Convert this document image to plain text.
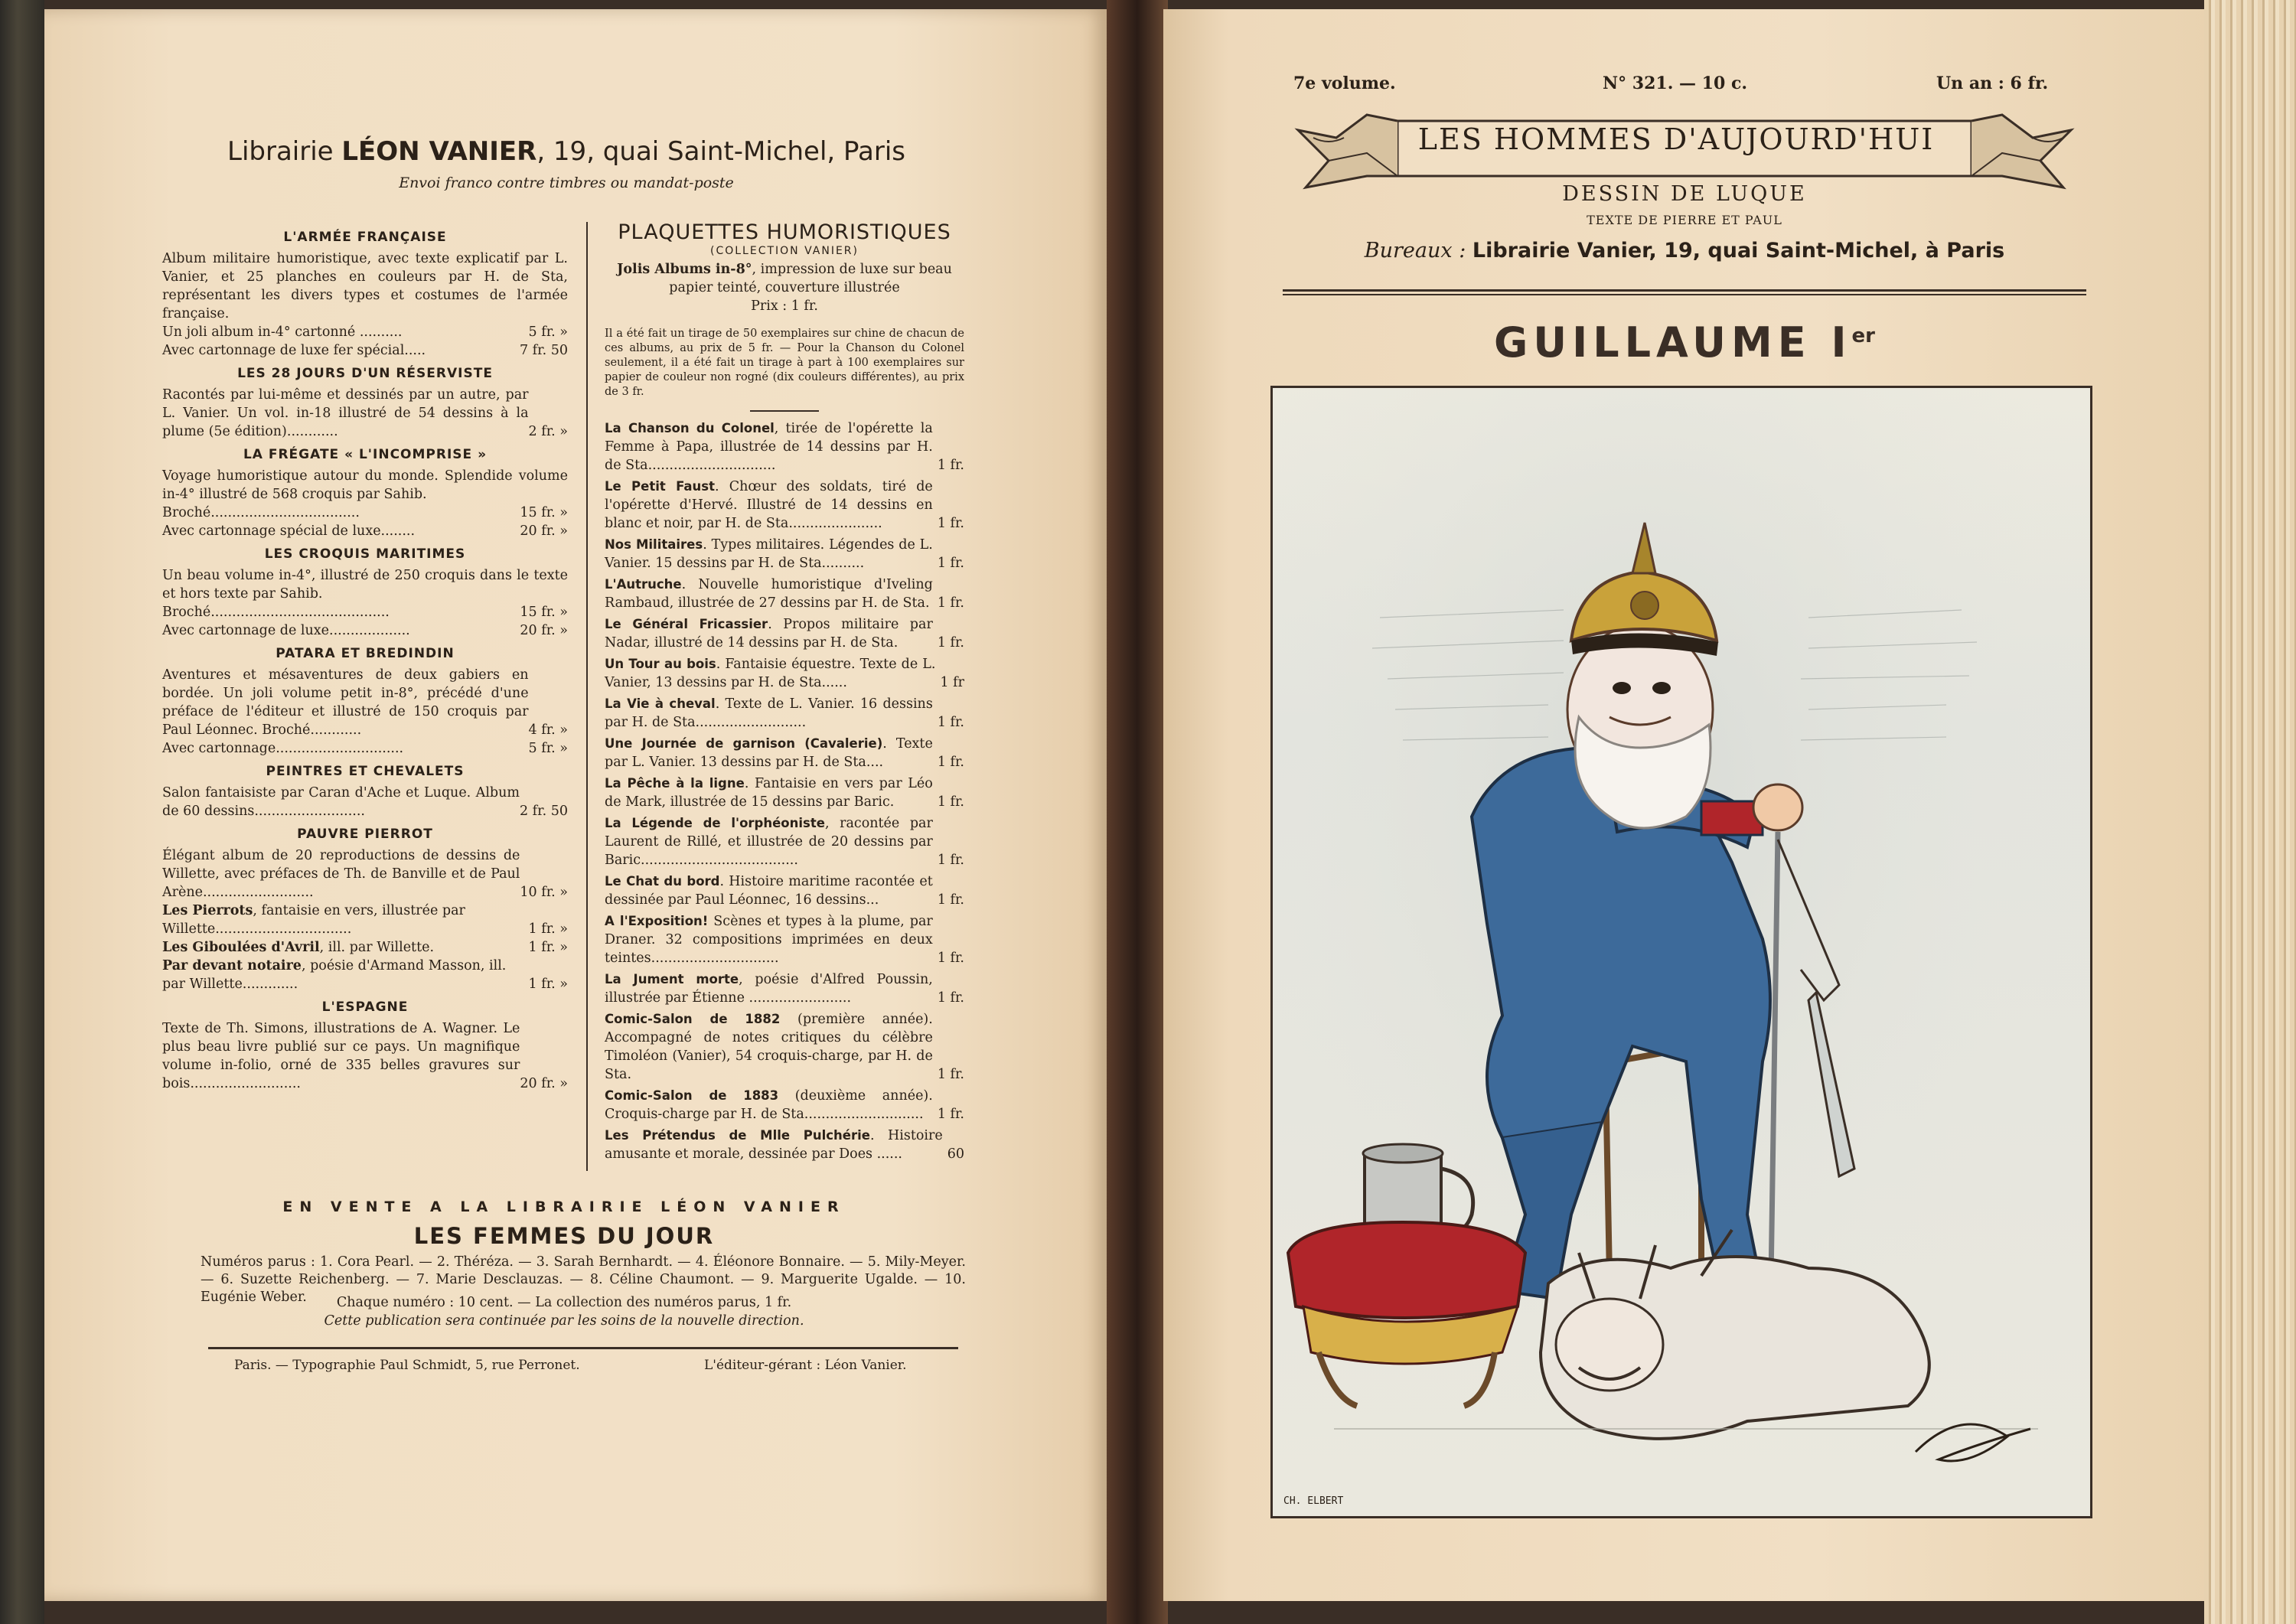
Librairie LÉON VANIER, 19, quai Saint-Michel, Paris
Envoi franco contre timbres ou mandat-poste
L'ARMÉE FRANÇAISE

Album militaire humoristique, avec texte explicatif par L. Vanier, et 25 planches en couleurs par H. de Sta, représentant les divers types et costumes de l'armée française.

Un joli album in-4° cartonné ..........	5 fr. »
Avec cartonnage de luxe fer spécial.....	7 fr. 50
LES 28 JOURS D'UN RÉSERVISTE
Racontés par lui-même et dessinés par un autre, par L. Vanier. Un vol. in-18 illustré de 54 dessins à la plume (5e édition)............	2 fr. »
LA FRÉGATE « L'INCOMPRISE »

Voyage humoristique autour du monde. Splendide volume in-4° illustré de 568 croquis par Sahib.

Broché...................................	15 fr. »
Avec cartonnage spécial de luxe........	20 fr. »
LES CROQUIS MARITIMES

Un beau volume in-4°, illustré de 250 croquis dans le texte et hors texte par Sahib.

Broché..........................................	15 fr. »
Avec cartonnage de luxe...................	20 fr. »
PATARA ET BREDINDIN
Aventures et mésaventures de deux gabiers en bordée. Un joli volume petit in-8°, précédé d'une préface de l'éditeur et illustré de 150 croquis par Paul Léonnec. Broché............	4 fr. »
Avec cartonnage..............................	5 fr. »
PEINTRES ET CHEVALETS
Salon fantaisiste par Caran d'Ache et Luque. Album de 60 dessins..........................	2 fr. 50
PAUVRE PIERROT
Élégant album de 20 reproductions de dessins de Willette, avec préfaces de Th. de Banville et de Paul Arène..........................	10 fr. »
Les Pierrots, fantaisie en vers, illustrée par Willette................................	1 fr. »
Les Giboulées d'Avril, ill. par Willette.	1 fr. »
Par devant notaire, poésie d'Armand Masson, ill. par Willette.............	1 fr. »
L'ESPAGNE
Texte de Th. Simons, illustrations de A. Wagner. Le plus beau livre publié sur ce pays. Un magnifique volume in-folio, orné de 335 belles gravures sur bois..........................	20 fr. »
PLAQUETTES HUMORISTIQUES
(COLLECTION VANIER)
Jolis Albums in-8°, impression de luxe sur beau papier teinté, couverture illustrée
Prix : 1 fr.

Il a été fait un tirage de 50 exemplaires sur chine de chacun de ces albums, au prix de 5 fr. — Pour la Chanson du Colonel seulement, il a été fait un tirage à part à 100 exemplaires sur papier de couleur non rogné (dix couleurs différentes), au prix de 3 fr.

La Chanson du Colonel, tirée de l'opérette la Femme à Papa, illustrée de 14 dessins par H. de Sta..............................	1 fr.
Le Petit Faust. Chœur des soldats, tiré de l'opérette d'Hervé. Illustré de 14 dessins en blanc et noir, par H. de Sta......................	1 fr.
Nos Militaires. Types militaires. Légendes de L. Vanier. 15 dessins par H. de Sta..........	1 fr.
L'Autruche. Nouvelle humoristique d'Iveling Rambaud, illustrée de 27 dessins par H. de Sta. 1 fr.
Le Général Fricassier. Propos militaire par Nadar, illustré de 14 dessins par H. de Sta.	1 fr.
Un Tour au bois. Fantaisie équestre. Texte de L. Vanier, 13 dessins par H. de Sta......	1 fr
La Vie à cheval. Texte de L. Vanier. 16 dessins par H. de Sta..........................	1 fr.
Une Journée de garnison (Cavalerie). Texte par L. Vanier. 13 dessins par H. de Sta....	1 fr.
La Pêche à la ligne. Fantaisie en vers par Léo de Mark, illustrée de 15 dessins par Baric.	1 fr.
La Légende de l'orphéoniste, racontée par Laurent de Rillé, et illustrée de 20 dessins par Baric.....................................	1 fr.
Le Chat du bord. Histoire maritime racontée et dessinée par Paul Léonnec, 16 dessins...	1 fr.
A l'Exposition! Scènes et types à la plume, par Draner. 32 compositions imprimées en deux teintes..............................	1 fr.
La Jument morte, poésie d'Alfred Poussin, illustrée par Étienne ........................	1 fr.
Comic-Salon de 1882 (première année). Accompagné de notes critiques du célèbre Timoléon (Vanier), 54 croquis-charge, par H. de Sta.	1 fr.
Comic-Salon de 1883 (deuxième année). Croquis-charge par H. de Sta............................	1 fr.
Les Prétendus de Mlle Pulchérie. Histoire amusante et morale, dessinée par Does ......	60
EN VENTE A LA LIBRAIRIE LÉON VANIER
LES FEMMES DU JOUR
Numéros parus : 1. Cora Pearl. — 2. Théréza. — 3. Sarah Bernhardt. — 4. Éléonore Bonnaire. — 5. Mily-Meyer. — 6. Suzette Reichenberg. — 7. Marie Desclauzas. — 8. Céline Chaumont. — 9. Marguerite Ugalde. — 10. Eugénie Weber.	Chaque numéro : 10 cent. — La collection des numéros parus, 1 fr.
Cette publication sera continuée par les soins de la nouvelle direction.
Paris. — Typographie Paul Schmidt, 5, rue Perronet.	L'éditeur-gérant : Léon Vanier.
7e volume.	N° 321. — 10 c.	Un an : 6 fr.
LES HOMMES D'AUJOURD'HUI
DESSIN DE LUQUE
TEXTE DE PIERRE ET PAUL
Bureaux : Librairie Vanier, 19, quai Saint-Michel, à Paris
GUILLAUME Ier
CH. ELBERT
